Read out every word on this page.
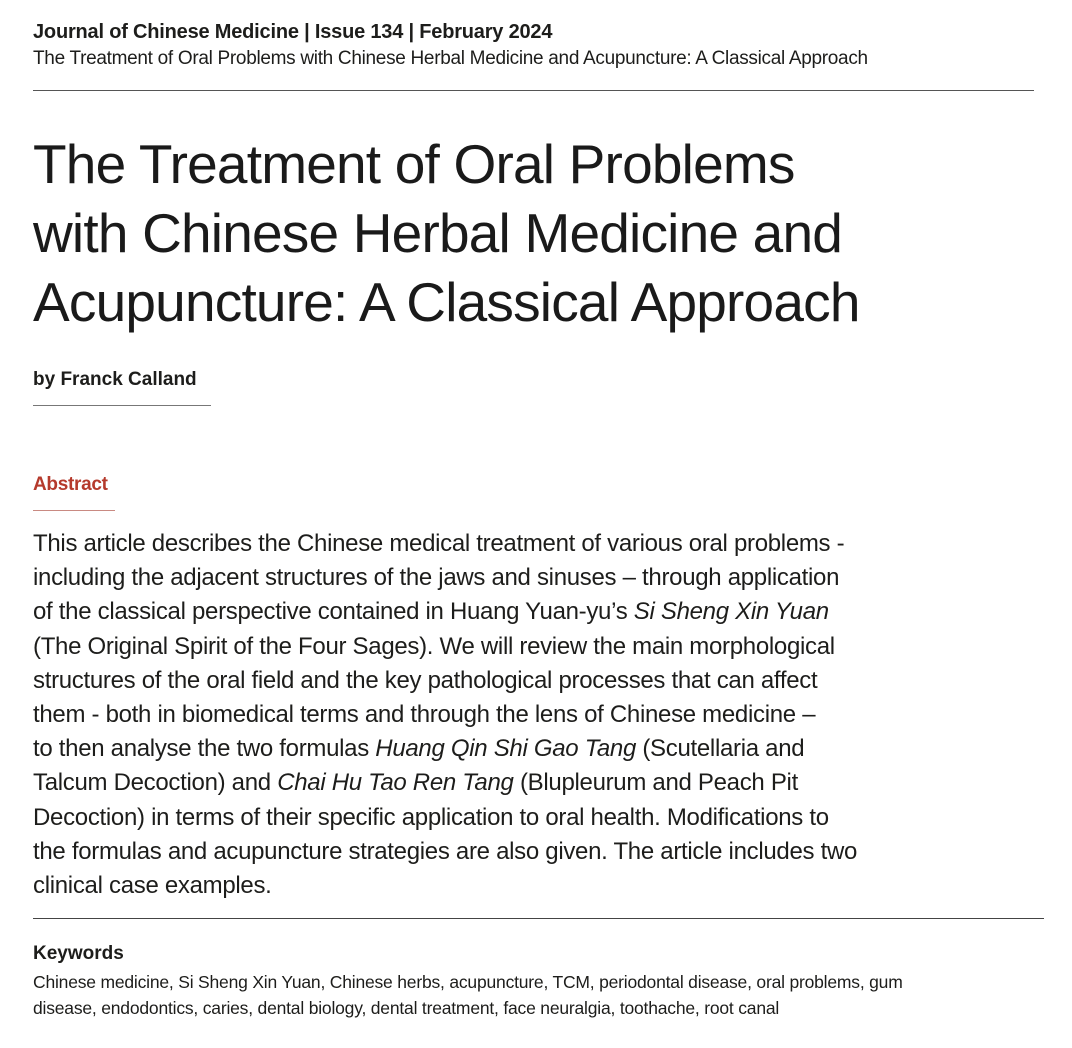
Journal of Chinese Medicine | Issue 134 | February 2024
The Treatment of Oral Problems with Chinese Herbal Medicine and Acupuncture: A Classical Approach
The Treatment of Oral Problems
with Chinese Herbal Medicine and
Acupuncture: A Classical Approach
by Franck Calland
Abstract

This article describes the Chinese medical treatment of various oral problems -
including the adjacent structures of the jaws and sinuses – through application
of the classical perspective contained in Huang Yuan-yu’s Si Sheng Xin Yuan
(The Original Spirit of the Four Sages). We will review the main morphological
structures of the oral field and the key pathological processes that can affect
them - both in biomedical terms and through the lens of Chinese medicine –
to then analyse the two formulas Huang Qin Shi Gao Tang (Scutellaria and
Talcum Decoction) and Chai Hu Tao Ren Tang (Blupleurum and Peach Pit
Decoction) in terms of their specific application to oral health. Modifications to
the formulas and acupuncture strategies are also given. The article includes two
clinical case examples.

Keywords
Chinese medicine, Si Sheng Xin Yuan, Chinese herbs, acupuncture, TCM, periodontal disease, oral problems, gum
disease, endodontics, caries, dental biology, dental treatment, face neuralgia, toothache, root canal
